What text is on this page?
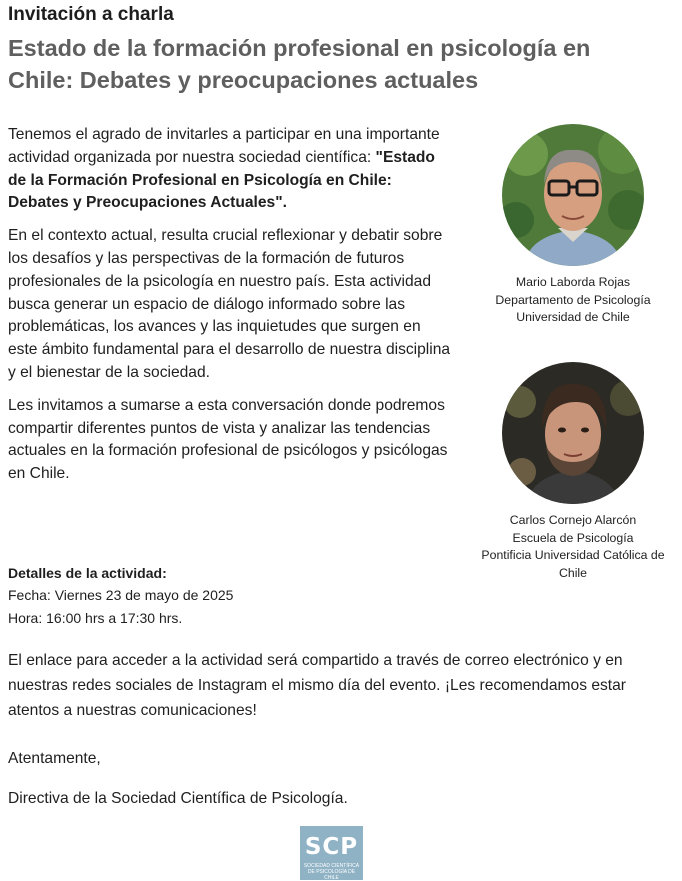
Invitación a charla
Estado de la formación profesional en psicología en Chile: Debates y preocupaciones actuales

Tenemos el agrado de invitarles a participar en una importante actividad organizada por nuestra sociedad científica: "Estado de la Formación Profesional en Psicología en Chile: Debates y Preocupaciones Actuales".

En el contexto actual, resulta crucial reflexionar y debatir sobre los desafíos y las perspectivas de la formación de futuros profesionales de la psicología en nuestro país. Esta actividad busca generar un espacio de diálogo informado sobre las problemáticas, los avances y las inquietudes que surgen en este ámbito fundamental para el desarrollo de nuestra disciplina y el bienestar de la sociedad.

Les invitamos a sumarse a esta conversación donde podremos compartir diferentes puntos de vista y analizar las tendencias actuales en la formación profesional de psicólogos y psicólogas en Chile.

Mario Laborda Rojas

Departamento de Psicología

Universidad de Chile

Carlos Cornejo Alarcón

Escuela de Psicología

Pontificia Universidad Católica de Chile

Detalles de la actividad:

Fecha: Viernes 23 de mayo de 2025

Hora: 16:00 hrs a 17:30 hrs.

El enlace para acceder a la actividad será compartido a través de correo electrónico y en nuestras redes sociales de Instagram el mismo día del evento. ¡Les recomendamos estar atentos a nuestras comunicaciones!

Atentamente,

Directiva de la Sociedad Científica de Psicología.

SCP
SOCIEDAD CIENTÍFICA DE PSICOLOGÍA DE CHILE
